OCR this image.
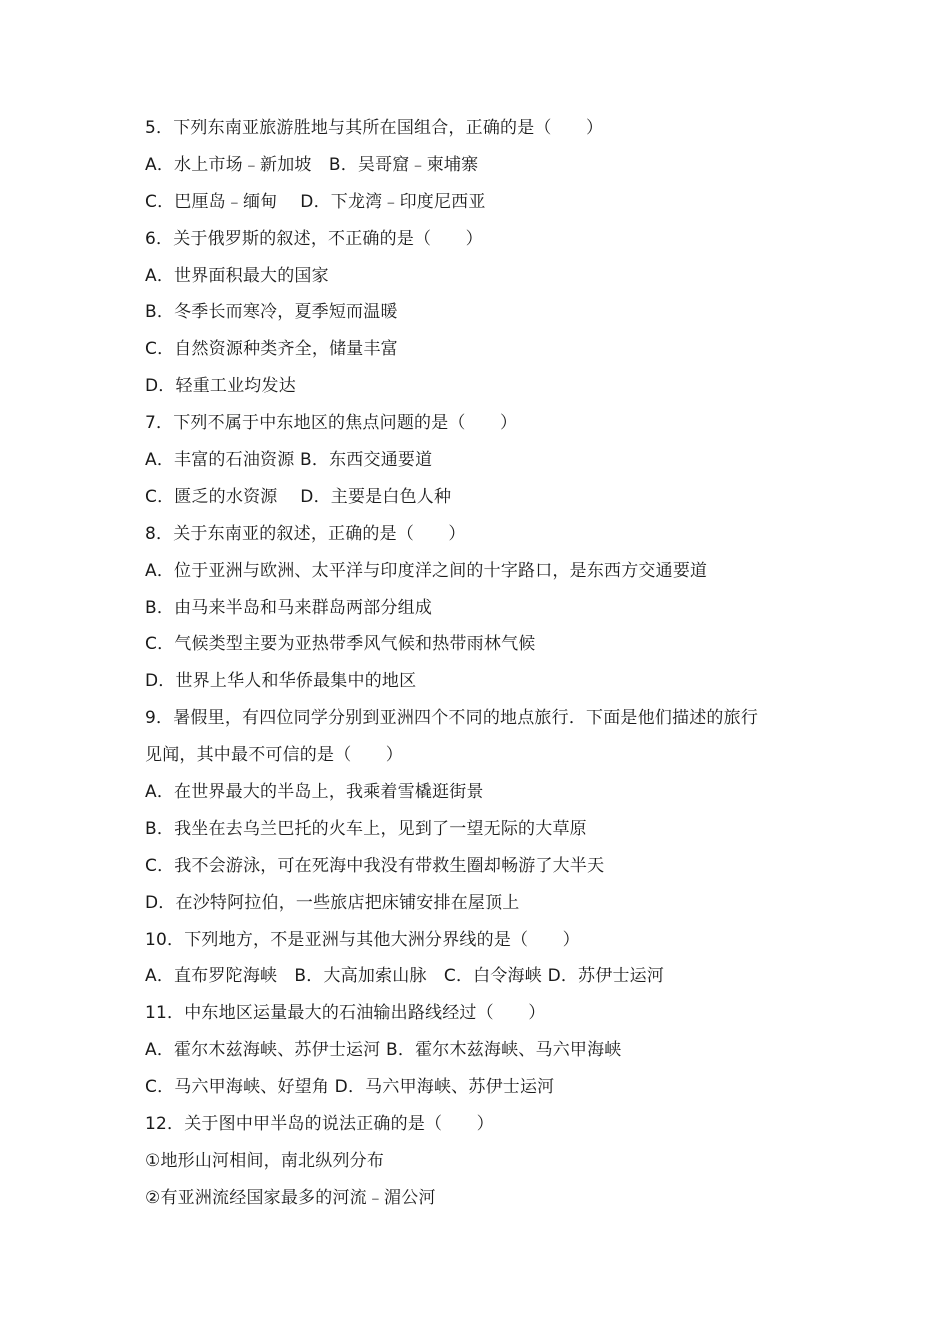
5．下列东南亚旅游胜地与其所在国组合，正确的是（　　）
A．水上市场﹣新加坡　B．吴哥窟﹣柬埔寨
C．巴厘岛﹣缅甸　 D．下龙湾﹣印度尼西亚
6．关于俄罗斯的叙述，不正确的是（　　）
A．世界面积最大的国家
B．冬季长而寒冷，夏季短而温暖
C．自然资源种类齐全，储量丰富
D．轻重工业均发达
7．下列不属于中东地区的焦点问题的是（　　）
A．丰富的石油资源 B．东西交通要道
C．匮乏的水资源　 D．主要是白色人种
8．关于东南亚的叙述，正确的是（　　）
A．位于亚洲与欧洲、太平洋与印度洋之间的十字路口，是东西方交通要道
B．由马来半岛和马来群岛两部分组成
C．气候类型主要为亚热带季风气候和热带雨林气候
D．世界上华人和华侨最集中的地区
9．暑假里，有四位同学分别到亚洲四个不同的地点旅行．下面是他们描述的旅行
见闻，其中最不可信的是（　　）
A．在世界最大的半岛上，我乘着雪橇逛街景
B．我坐在去乌兰巴托的火车上，见到了一望无际的大草原
C．我不会游泳，可在死海中我没有带救生圈却畅游了大半天
D．在沙特阿拉伯，一些旅店把床铺安排在屋顶上
10．下列地方，不是亚洲与其他大洲分界线的是（　　）
A．直布罗陀海峡　B．大高加索山脉　C．白令海峡 D．苏伊士运河
11．中东地区运量最大的石油输出路线经过（　　）
A．霍尔木兹海峡、苏伊士运河 B．霍尔木兹海峡、马六甲海峡
C．马六甲海峡、好望角 D．马六甲海峡、苏伊士运河
12．关于图中甲半岛的说法正确的是（　　）
①地形山河相间，南北纵列分布
②有亚洲流经国家最多的河流﹣湄公河
